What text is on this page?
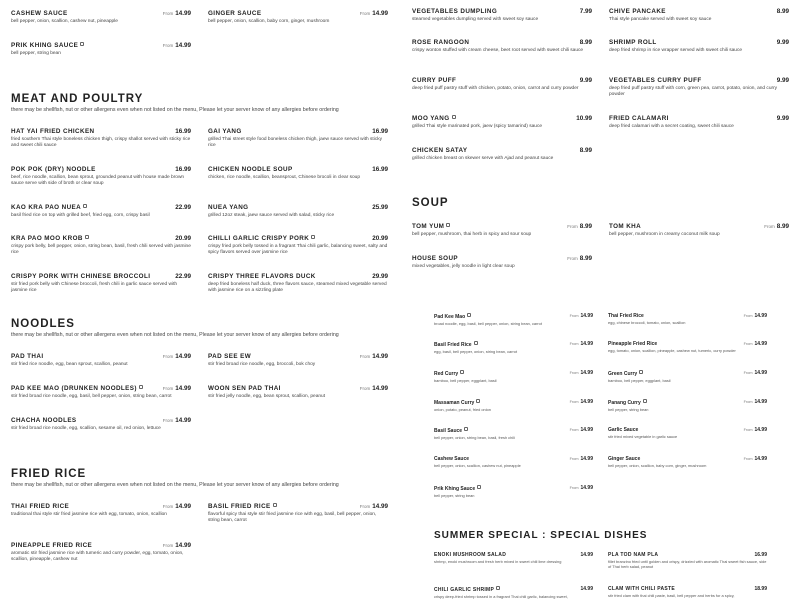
From 14.99
CASHEW SAUCE
bell pepper, onion, scallion, cashew nut, pineapple
From 14.99
GINGER SAUCE
bell pepper, onion, scallion, baby corn, ginger, mushroom
From 14.99
PRIK KHING SAUCE
bell pepper, string bean
MEAT AND POULTRY
there may be shellfish, nut or other allergens even when not listed on the menu, Please let your server know of any allergies before ordering
16.99
HAT YAI FRIED CHICKEN
fried southern Thai style boneless chicken thigh, crispy shallot served with sticky rice and sweet chili sauce
16.99
GAI YANG
grilled Thai street style food boneless chicken thigh, jaew sauce served with sticky rice
16.99
POK POK (DRY) NOODLE
beef, rice noodle, scallion, bean sprout, grounded peanut with house made brown sauce serve with side of broth or clear soup
16.99
CHICKEN NOODLE SOUP
chicken, rice noodle, scallion, beansprout, Chinese brocoli in clear soup
22.99
KAO KRA PAO NUEA
basil fried rice on top with grilled beef, fried egg, corn, crispy basil
25.99
NUEA YANG
grilled 12oz steak, jaew sauce served with salad, sticky rice
20.99
KRA PAO MOO KROB
crispy pork belly, bell pepper, onion, string bean, basil, fresh chili served with jasmine rice
20.99
CHILLI GARLIC CRISPY PORK
crispy fried pork belly tossed in a fragrant Thai chili garlic, balancing sweet, salty and spicy flavors served over jasmine rice
22.99
CRISPY PORK WITH CHINESE BROCCOLI
stir fried pork belly with Chinese broccoli, fresh chili in garlic sauce served with jasmine rice
29.99
CRISPY THREE FLAVORS DUCK
deep fried boneless half duck, three flavors sauce, steamed mixed vegetable served with jasmine rice on a sizzling plate
NOODLES
there may be shellfish, nut or other allergens even when not listed on the menu, Please let your server know of any allergies before ordering
From 14.99
PAD THAI
stir fried rice noodle, egg, bean sprout, scallion, peanut
From 14.99
PAD SEE EW
stir fried broad rice noodle, egg, broccoli, bok choy
From 14.99
PAD KEE MAO (DRUNKEN NOODLES)
stir fried broad rice noodle, egg, basil, bell pepper, onion, string bean, carrot
From 14.99
WOON SEN PAD THAI
stir fried jelly noodle, egg, bean sprout, scallion, peanut
From 14.99
CHACHA NOODLES
stir fried broad rice noodle, egg, scallion, sesame oil, red onion, lettuce
FRIED RICE
there may be shellfish, nut or other allergens even when not listed on the menu, Please let your server know of any allergies before ordering
From 14.99
THAI FRIED RICE
traditional thai style stir fried jasmine rice with egg, tomato, onion, scallion
From 14.99
BASIL FRIED RICE
flavorful spicy thai style stir fried jasmine rice with egg, basil, bell pepper, onion, string bean, carrot
From 14.99
PINEAPPLE FRIED RICE
aromatic stir fried jasmine rice with tumeric and curry powder, egg, tomato, onion, scallion, pineapple, cashew nut
7.99
VEGETABLES DUMPLING
steamed vegetables dumpling served with sweet soy sauce
8.99
CHIVE PANCAKE
Thai style pancake served with sweet soy sauce
8.99
ROSE RANGOON
crispy wonton stuffed with cream cheese, beet root served with sweet chili sauce
9.99
SHRIMP ROLL
deep fried shrimp in rice wrapper served with sweet chili sauce
9.99
CURRY PUFF
deep fried puff pastry stuff with chicken, potato, onion, carrot and curry powder
9.99
VEGETABLES CURRY PUFF
deep fried puff pastry stuff with corn, green pea, carrot, potato, onion, and curry powder
10.99
MOO YANG
grilled Thai style marinated pork, jaew (spicy tamarind) sauce
9.99
FRIED CALAMARI
deep fried calamari with a secret coating, sweet chili sauce
8.99
CHICKEN SATAY
grilled chicken breast on skewer serve with Ajad and peanut sauce
SOUP
From 8.99
TOM YUM
bell pepper, mushroom, thai herb in spicy and sour soup
From 8.99
TOM KHA
bell pepper, mushroom in creamy coconut milk soup
From 8.99
HOUSE SOUP
mixed vegetables, jelly noodle in light clear soup
From 14.99
Pad Kee Mao
broad noodle, egg, basil, bell pepper, onion, string bean, carrot
From 14.99
Basil Fried Rice
egg, basil, bell pepper, onion, string bean, carrot
From 14.99
Red Curry
bamboo, bell pepper, eggplant, basil
From 14.99
Massaman Curry
onion, potato, peanut, fried onion
From 14.99
Basil Sauce
bell pepper, onion, string bean, basil, fresh chili
From 14.99
Cashew Sauce
bell pepper, onion, scallion, cashew nut, pineapple
From 14.99
Prik Khing Sauce
bell pepper, string bean
From 14.99
Thai Fried Rice
egg, chinese broccoli, tomato, onion, scallion
From 14.99
Pineapple Fried Rice
egg, tomato, onion, scallion, pineapple, cashew nut, tumeric, curry powder
From 14.99
Green Curry
bamboo, bell pepper, eggplant, basil
From 14.99
Panang Curry
bell pepper, string bean
From 14.99
Garlic Sauce
stir fried mixed vegetable in garlic sauce
From 14.99
Ginger Sauce
bell pepper, onion, scallion, baby corn, ginger, mushroom
SUMMER SPECIAL : SPECIAL DISHES
14.99
ENOKI MUSHROOM SALAD
shrimp, enoki mushroom and fresh herb mixed in sweet chili lime dressing
16.99
PLA TOD NAM PLA
fillet branzino fried until golden and crispy, drizzled with aromatic Thai sweet fish sauce, side of Thai herb salad, peanut
14.99
CHILI GARLIC SHRIMP
crispy deep-fried shrimp tossed in a fragrant Thai chili garlic, balancing sweet,
18.99
CLAM WITH CHILI PASTE
stir fried clam with thai chili paste, basil, bell pepper and herbs for a spicy,
